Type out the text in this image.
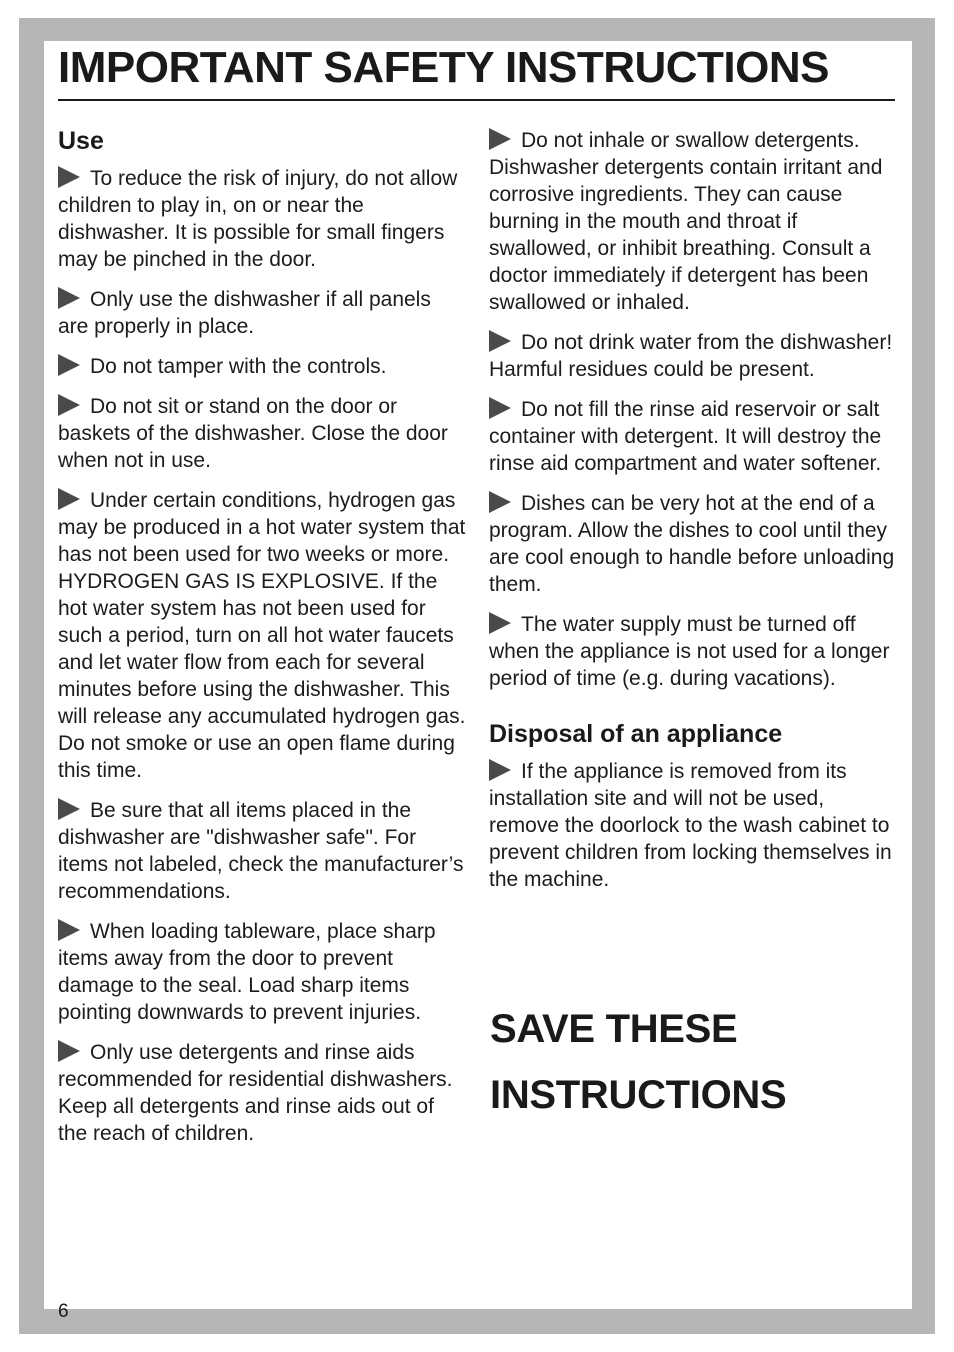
IMPORTANT SAFETY INSTRUCTIONS
Use

To reduce the risk of injury, do not allow children to play in, on or near the dishwasher. It is possible for small fingers may be pinched in the door.

Only use the dishwasher if all panels are properly in place.

Do not tamper with the controls.

Do not sit or stand on the door or baskets of the dishwasher. Close the door when not in use.

Under certain conditions, hydrogen gas may be produced in a hot water system that has not been used for two weeks or more. HYDROGEN GAS IS EXPLOSIVE. If the hot water system has not been used for such a period, turn on all hot water faucets and let water flow from each for several minutes before using the dishwasher. This will release any accumulated hydrogen gas. Do not smoke or use an open flame during this time.

Be sure that all items placed in the dishwasher are "dishwasher safe". For items not labeled, check the manufacturer’s recommendations.

When loading tableware, place sharp items away from the door to prevent damage to the seal. Load sharp items pointing downwards to prevent injuries.

Only use detergents and rinse aids recommended for residential dishwashers. Keep all detergents and rinse aids out of the reach of children.

Do not inhale or swallow detergents. Dishwasher detergents contain irritant and corrosive ingredients. They can cause burning in the mouth and throat if swallowed, or inhibit breathing. Consult a doctor immediately if detergent has been swallowed or inhaled.

Do not drink water from the dishwasher! Harmful residues could be present.

Do not fill the rinse aid reservoir or salt container with detergent. It will destroy the rinse aid compartment and water softener.

Dishes can be very hot at the end of a program. Allow the dishes to cool until they are cool enough to handle before unloading them.

The water supply must be turned off when the appliance is not used for a longer period of time (e.g. during vacations).

Disposal of an appliance

If the appliance is removed from its installation site and will not be used, remove the doorlock to the wash cabinet to prevent children from locking themselves in the machine.

SAVE THESE
INSTRUCTIONS
6
